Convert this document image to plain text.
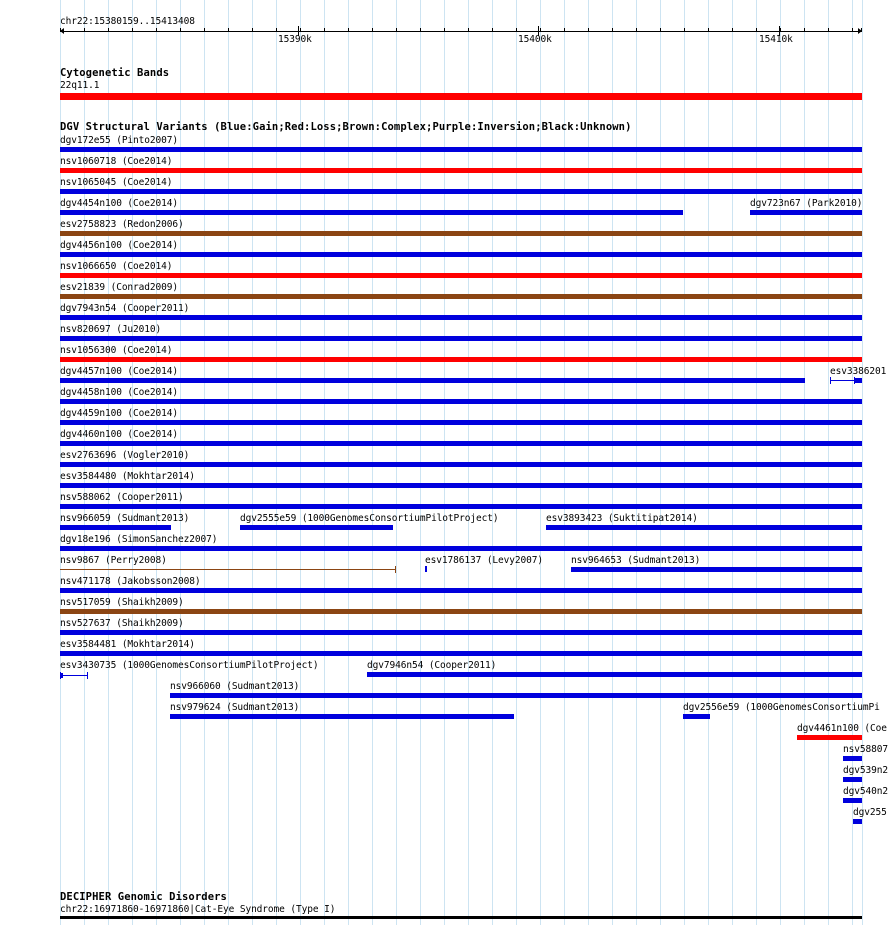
chr22:15380159..15413408
15390k	15400k	15410k
Cytogenetic Bands
22q11.1
DGV Structural Variants (Blue:Gain;Red:Loss;Brown:Complex;Purple:Inversion;Black:Unknown)
dgv172e55 (Pinto2007)
nsv1060718 (Coe2014)
nsv1065045 (Coe2014)
dgv4454n100 (Coe2014)	dgv723n67 (Park2010)
esv2758823 (Redon2006)
dgv4456n100 (Coe2014)
nsv1066650 (Coe2014)
esv21839 (Conrad2009)
dgv7943n54 (Cooper2011)
nsv820697 (Ju2010)
nsv1056300 (Coe2014)
dgv4457n100 (Coe2014)	esv3386201
dgv4458n100 (Coe2014)
dgv4459n100 (Coe2014)
dgv4460n100 (Coe2014)
esv2763696 (Vogler2010)
esv3584480 (Mokhtar2014)
nsv588062 (Cooper2011)
nsv966059 (Sudmant2013)	dgv2555e59 (1000GenomesConsortiumPilotProject)	esv3893423 (Suktitipat2014)
dgv18e196 (SimonSanchez2007)
nsv9867 (Perry2008)	esv1786137 (Levy2007)	nsv964653 (Sudmant2013)
nsv471178 (Jakobsson2008)
nsv517059 (Shaikh2009)
nsv527637 (Shaikh2009)
esv3584481 (Mokhtar2014)
esv3430735 (1000GenomesConsortiumPilotProject)	dgv7946n54 (Cooper2011)
nsv966060 (Sudmant2013)
nsv979624 (Sudmant2013)	dgv2556e59 (1000GenomesConsortiumPi
dgv4461n100 (Coe
nsv58807
dgv539n2
dgv540n2
dgv255
DECIPHER Genomic Disorders
chr22:16971860-16971860|Cat-Eye Syndrome (Type I)
